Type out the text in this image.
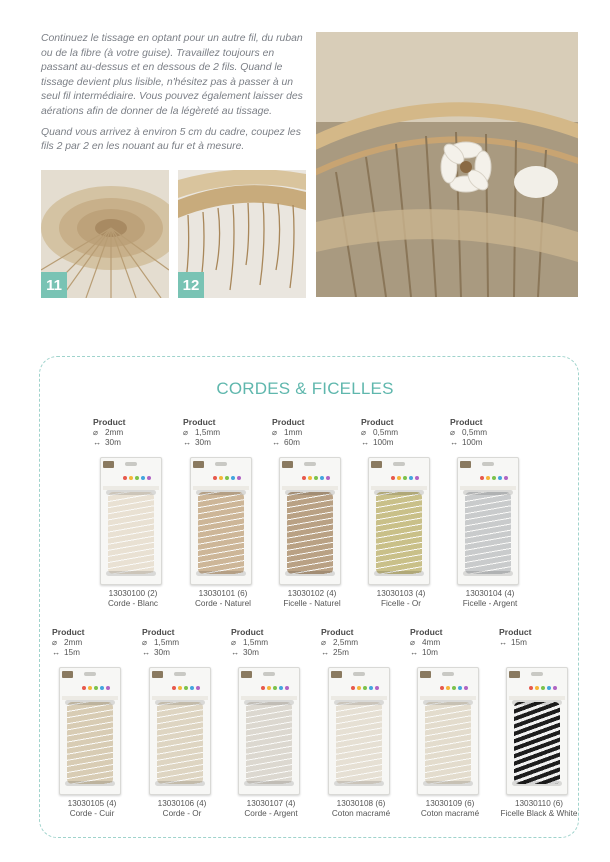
Continuez le tissage en optant pour un autre fil, du ruban ou de la fibre (à votre guise). Travaillez toujours en passant au-dessus et en dessous de 2 fils. Quand le tissage devient plus lisible, n'hésitez pas à passer à un seul fil intermédiaire. Vous pouvez également laisser des aérations afin de donner de la légèreté au tissage.

Quand vous arrivez à environ 5 cm du cadre, coupez les fils 2 par 2 en les nouant au fur et à mesure.

11	12
CORDES & FICELLES
Product
⌀ 2mm
↔ 30m
13030100 (2)
Corde - Blanc
Product
⌀ 1,5mm
↔ 30m
13030101 (6)
Corde - Naturel
Product
⌀ 1mm
↔ 60m
13030102 (4)
Ficelle - Naturel
Product
⌀ 0,5mm
↔ 100m
13030103 (4)
Ficelle - Or
Product
⌀ 0,5mm
↔ 100m
13030104 (4)
Ficelle - Argent
Product
⌀ 2mm
↔ 15m
13030105 (4)
Corde - Cuir
Product
⌀ 1,5mm
↔ 30m
13030106 (4)
Corde - Or
Product
⌀ 1,5mm
↔ 30m
13030107 (4)
Corde - Argent
Product
⌀ 2,5mm
↔ 25m
13030108 (6)
Coton macramé
Product
⌀ 4mm
↔ 10m
13030109 (6)
Coton macramé
Product
↔ 15m
13030110 (6)
Ficelle Black & White
